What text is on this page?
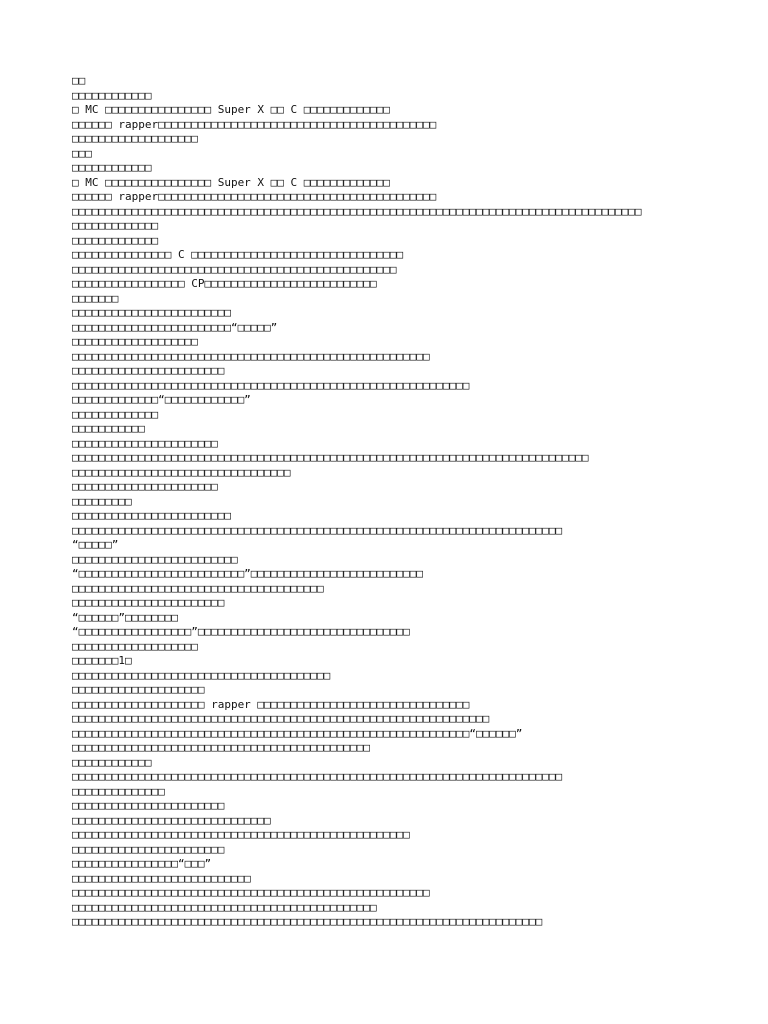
□□
□□□□□□□□□□□□
□ MC □□□□□□□□□□□□□□□□ Super X □□ C □□□□□□□□□□□□□
□□□□□□ rapper□□□□□□□□□□□□□□□□□□□□□□□□□□□□□□□□□□□□□□□□□□
□□□□□□□□□□□□□□□□□□□
□□□
□□□□□□□□□□□□
□ MC □□□□□□□□□□□□□□□□ Super X □□ C □□□□□□□□□□□□□
□□□□□□ rapper□□□□□□□□□□□□□□□□□□□□□□□□□□□□□□□□□□□□□□□□□□
□□□□□□□□□□□□□□□□□□□□□□□□□□□□□□□□□□□□□□□□□□□□□□□□□□□□□□□□□□□□□□□□□□□□□□□□□□□□□□□□□□□□□□
□□□□□□□□□□□□□
□□□□□□□□□□□□□
□□□□□□□□□□□□□□□ C □□□□□□□□□□□□□□□□□□□□□□□□□□□□□□□□
□□□□□□□□□□□□□□□□□□□□□□□□□□□□□□□□□□□□□□□□□□□□□□□□□
□□□□□□□□□□□□□□□□□ CP□□□□□□□□□□□□□□□□□□□□□□□□□□
□□□□□□□
□□□□□□□□□□□□□□□□□□□□□□□□
□□□□□□□□□□□□□□□□□□□□□□□□“□□□□□”
□□□□□□□□□□□□□□□□□□□
□□□□□□□□□□□□□□□□□□□□□□□□□□□□□□□□□□□□□□□□□□□□□□□□□□□□□□
□□□□□□□□□□□□□□□□□□□□□□□
□□□□□□□□□□□□□□□□□□□□□□□□□□□□□□□□□□□□□□□□□□□□□□□□□□□□□□□□□□□□
□□□□□□□□□□□□□“□□□□□□□□□□□□”
□□□□□□□□□□□□□
□□□□□□□□□□□
□□□□□□□□□□□□□□□□□□□□□□
□□□□□□□□□□□□□□□□□□□□□□□□□□□□□□□□□□□□□□□□□□□□□□□□□□□□□□□□□□□□□□□□□□□□□□□□□□□□□□
□□□□□□□□□□□□□□□□□□□□□□□□□□□□□□□□□
□□□□□□□□□□□□□□□□□□□□□□
□□□□□□□□□
□□□□□□□□□□□□□□□□□□□□□□□□
□□□□□□□□□□□□□□□□□□□□□□□□□□□□□□□□□□□□□□□□□□□□□□□□□□□□□□□□□□□□□□□□□□□□□□□□□□
“□□□□□”
□□□□□□□□□□□□□□□□□□□□□□□□□
“□□□□□□□□□□□□□□□□□□□□□□□□□”□□□□□□□□□□□□□□□□□□□□□□□□□□
□□□□□□□□□□□□□□□□□□□□□□□□□□□□□□□□□□□□□□
□□□□□□□□□□□□□□□□□□□□□□□
“□□□□□□”□□□□□□□□
“□□□□□□□□□□□□□□□□□”□□□□□□□□□□□□□□□□□□□□□□□□□□□□□□□□
□□□□□□□□□□□□□□□□□□□
□□□□□□□1□
□□□□□□□□□□□□□□□□□□□□□□□□□□□□□□□□□□□□□□□
□□□□□□□□□□□□□□□□□□□□
□□□□□□□□□□□□□□□□□□□□ rapper □□□□□□□□□□□□□□□□□□□□□□□□□□□□□□□□
□□□□□□□□□□□□□□□□□□□□□□□□□□□□□□□□□□□□□□□□□□□□□□□□□□□□□□□□□□□□□□□
□□□□□□□□□□□□□□□□□□□□□□□□□□□□□□□□□□□□□□□□□□□□□□□□□□□□□□□□□□□□“□□□□□□”
□□□□□□□□□□□□□□□□□□□□□□□□□□□□□□□□□□□□□□□□□□□□□
□□□□□□□□□□□□
□□□□□□□□□□□□□□□□□□□□□□□□□□□□□□□□□□□□□□□□□□□□□□□□□□□□□□□□□□□□□□□□□□□□□□□□□□
□□□□□□□□□□□□□□
□□□□□□□□□□□□□□□□□□□□□□□
□□□□□□□□□□□□□□□□□□□□□□□□□□□□□□
□□□□□□□□□□□□□□□□□□□□□□□□□□□□□□□□□□□□□□□□□□□□□□□□□□□
□□□□□□□□□□□□□□□□□□□□□□□
□□□□□□□□□□□□□□□□“□□□”
□□□□□□□□□□□□□□□□□□□□□□□□□□□
□□□□□□□□□□□□□□□□□□□□□□□□□□□□□□□□□□□□□□□□□□□□□□□□□□□□□□
□□□□□□□□□□□□□□□□□□□□□□□□□□□□□□□□□□□□□□□□□□□□□□
□□□□□□□□□□□□□□□□□□□□□□□□□□□□□□□□□□□□□□□□□□□□□□□□□□□□□□□□□□□□□□□□□□□□□□□
